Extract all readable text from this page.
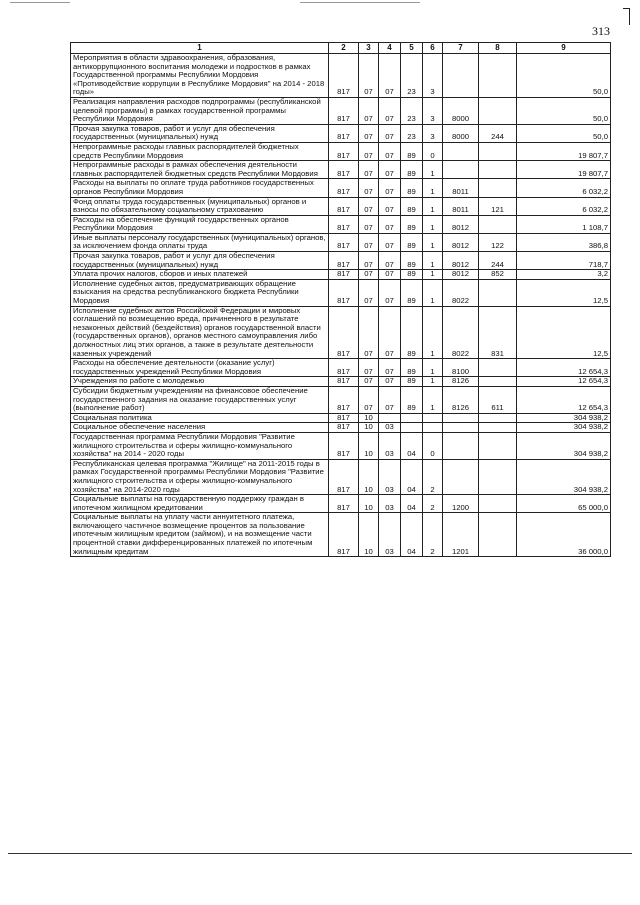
313
1	2	3	4	5	6	7	8	9
Мероприятия в области здравоохранения, образования, антикоррупционного воспитания молодежи и подростков в рамках Государственной программы Республики Мордовия «Противодействие коррупции в Республике Мордовия" на 2014 - 2018 годы»	817	07	07	23	3			50,0
Реализация направления расходов подпрограммы (республиканской целевой программы) в рамках государственной программы Республики Мордовия	817	07	07	23	3	8000		50,0
Прочая закупка товаров, работ и услуг для обеспечения государственных (муниципальных) нужд	817	07	07	23	3	8000	244	50,0
Непрограммные расходы главных распорядителей бюджетных средств Республики Мордовия	817	07	07	89	0			19 807,7
Непрограммные расходы в рамках обеспечения деятельности главных распорядителей бюджетных средств Республики Мордовия	817	07	07	89	1			19 807,7
Расходы на выплаты по оплате труда работников государственных органов Республики Мордовия	817	07	07	89	1	8011		6 032,2
Фонд оплаты труда государственных (муниципальных) органов и взносы по обязательному социальному страхованию	817	07	07	89	1	8011	121	6 032,2
Расходы на обеспечение функций государственных органов Республики Мордовия	817	07	07	89	1	8012		1 108,7
Иные выплаты персоналу государственных (муниципальных) органов, за исключением фонда оплаты труда	817	07	07	89	1	8012	122	386,8
Прочая закупка товаров, работ и услуг для обеспечения государственных (муниципальных) нужд	817	07	07	89	1	8012	244	718,7
Уплата прочих налогов, сборов и иных платежей	817	07	07	89	1	8012	852	3,2
Исполнение судебных актов, предусматривающих обращение взыскания на средства республиканского бюджета Республики Мордовия	817	07	07	89	1	8022		12,5
Исполнение судебных актов Российской Федерации и мировых соглашений по возмещению вреда, причиненного в результате незаконных действий (бездействия) органов государственной власти (государственных органов), органов местного самоуправления либо должностных лиц этих органов, а также в результате деятельности казенных учреждений	817	07	07	89	1	8022	831	12,5
Расходы на обеспечение деятельности (оказание услуг) государственных учреждений Республики Мордовия	817	07	07	89	1	8100		12 654,3
Учреждения по работе с молодежью	817	07	07	89	1	8126		12 654,3
Субсидии бюджетным учреждениям на финансовое обеспечение государственного задания на оказание государственных услуг (выполнение работ)	817	07	07	89	1	8126	611	12 654,3
Социальная политика	817	10						304 938,2
Социальное обеспечение населения	817	10	03					304 938,2
Государственная программа Республики Мордовия "Развитие жилищного строительства и сферы жилищно-коммунального хозяйства" на 2014 - 2020 годы	817	10	03	04	0			304 938,2
Республиканская целевая программа "Жилище" на 2011-2015 годы в рамках Государственной программы Республики Мордовия "Развитие жилищного строительства и сферы жилищно-коммунального хозяйства" на 2014-2020 годы	817	10	03	04	2			304 938,2
Социальные выплаты на государственную поддержку граждан в ипотечном жилищном кредитовании	817	10	03	04	2	1200		65 000,0
Социальные выплаты на уплату части аннуитетного платежа, включающего частичное возмещение процентов за пользование ипотечным жилищным кредитом (займом), и на возмещение части процентной ставки дифференцированных платежей по ипотечным жилищным кредитам	817	10	03	04	2	1201		36 000,0
